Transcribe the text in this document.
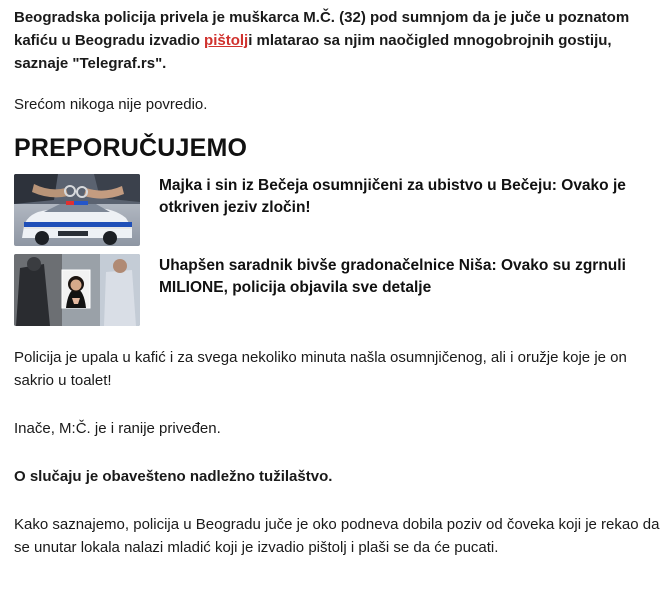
Beogradska policija privela je muškarca M.Č. (32) pod sumnjom da je juče u poznatom kafiću u Beogradu izvadio pištolji mlatarao sa njim naočigled mnogobrojnih gostiju, saznaje "Telegraf.rs".

Srećom nikoga nije povredio.

PREPORUČUJEMO

Majka i sin iz Bečeja osumnjičeni za ubistvo u Bečeju: Ovako je otkriven jeziv zločin!

Uhapšen saradnik bivše gradonačelnice Niša: Ovako su zgrnuli MILIONE, policija objavila sve detalje

Policija je upala u kafić i za svega nekoliko minuta našla osumnjičenog, ali i oružje koje je on sakrio u toalet!

Inače, M:Č. je i ranije priveđen.

O slučaju je obavešteno nadležno tužilaštvo.

Kako saznajemo, policija u Beogradu juče je oko podneva dobila poziv od čoveka koji je rekao da se unutar lokala nalazi mladić koji je izvadio pištolj i plaši se da će pucati.
